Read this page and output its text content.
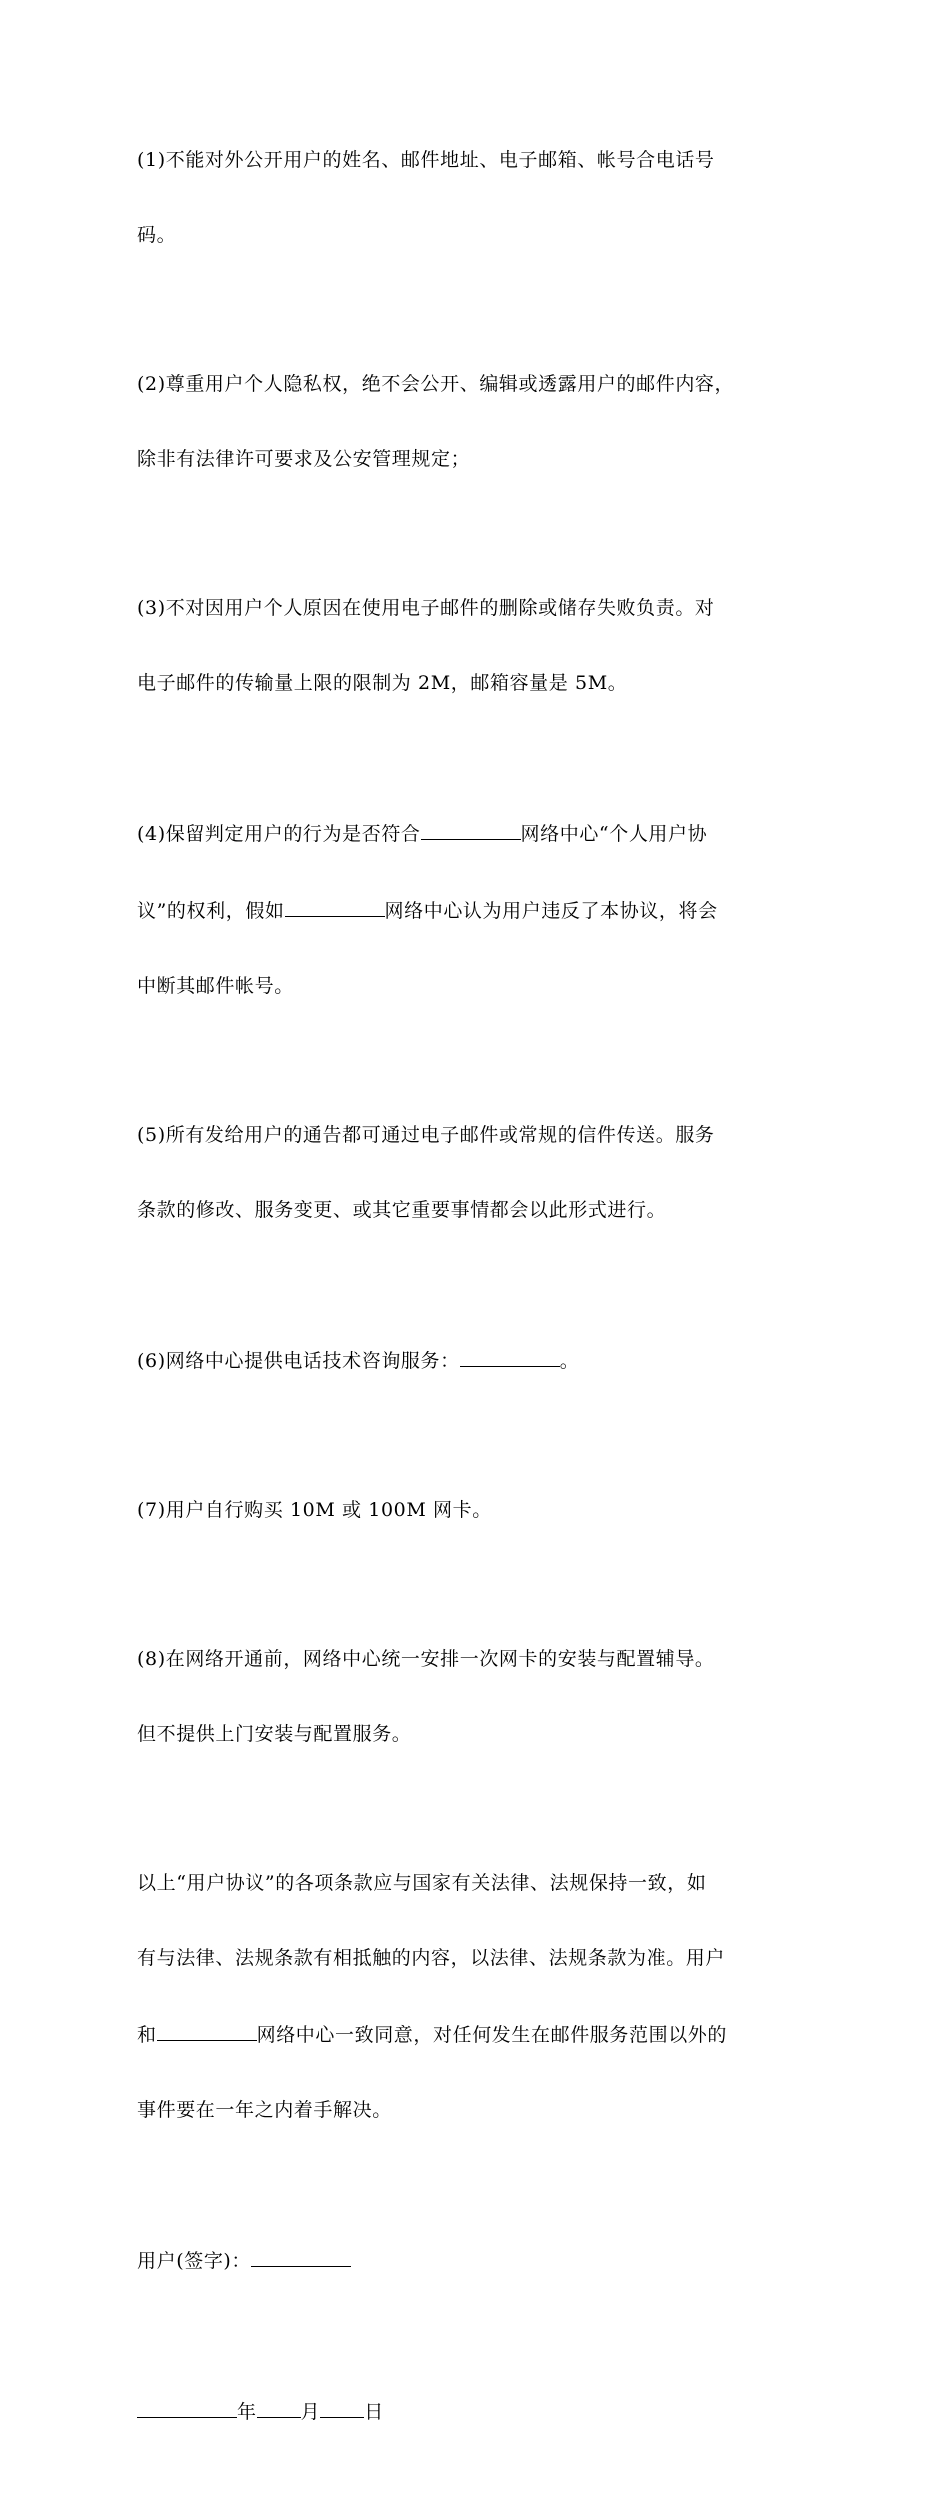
(1)不能对外公开用户的姓名、邮件地址、电子邮箱、帐号合电话号

码。

(2)尊重用户个人隐私权，绝不会公开、编辑或透露用户的邮件内容，

除非有法律许可要求及公安管理规定；

(3)不对因用户个人原因在使用电子邮件的删除或储存失败负责。对

电子邮件的传输量上限的限制为 2M，邮箱容量是 5M。

(4)保留判定用户的行为是否符合	网络中心“个人用户协

议”的权利，假如	网络中心认为用户违反了本协议，将会

中断其邮件帐号。

(5)所有发给用户的通告都可通过电子邮件或常规的信件传送。服务

条款的修改、服务变更、或其它重要事情都会以此形式进行。

(6)网络中心提供电话技术咨询服务：	。

(7)用户自行购买 10M 或 100M 网卡。

(8)在网络开通前，网络中心统一安排一次网卡的安装与配置辅导。

但不提供上门安装与配置服务。

以上“用户协议”的各项条款应与国家有关法律、法规保持一致，如

有与法律、法规条款有相抵触的内容，以法律、法规条款为准。用户

和	网络中心一致同意，对任何发生在邮件服务范围以外的

事件要在一年之内着手解决。

用户(签字)：

年 月 日
